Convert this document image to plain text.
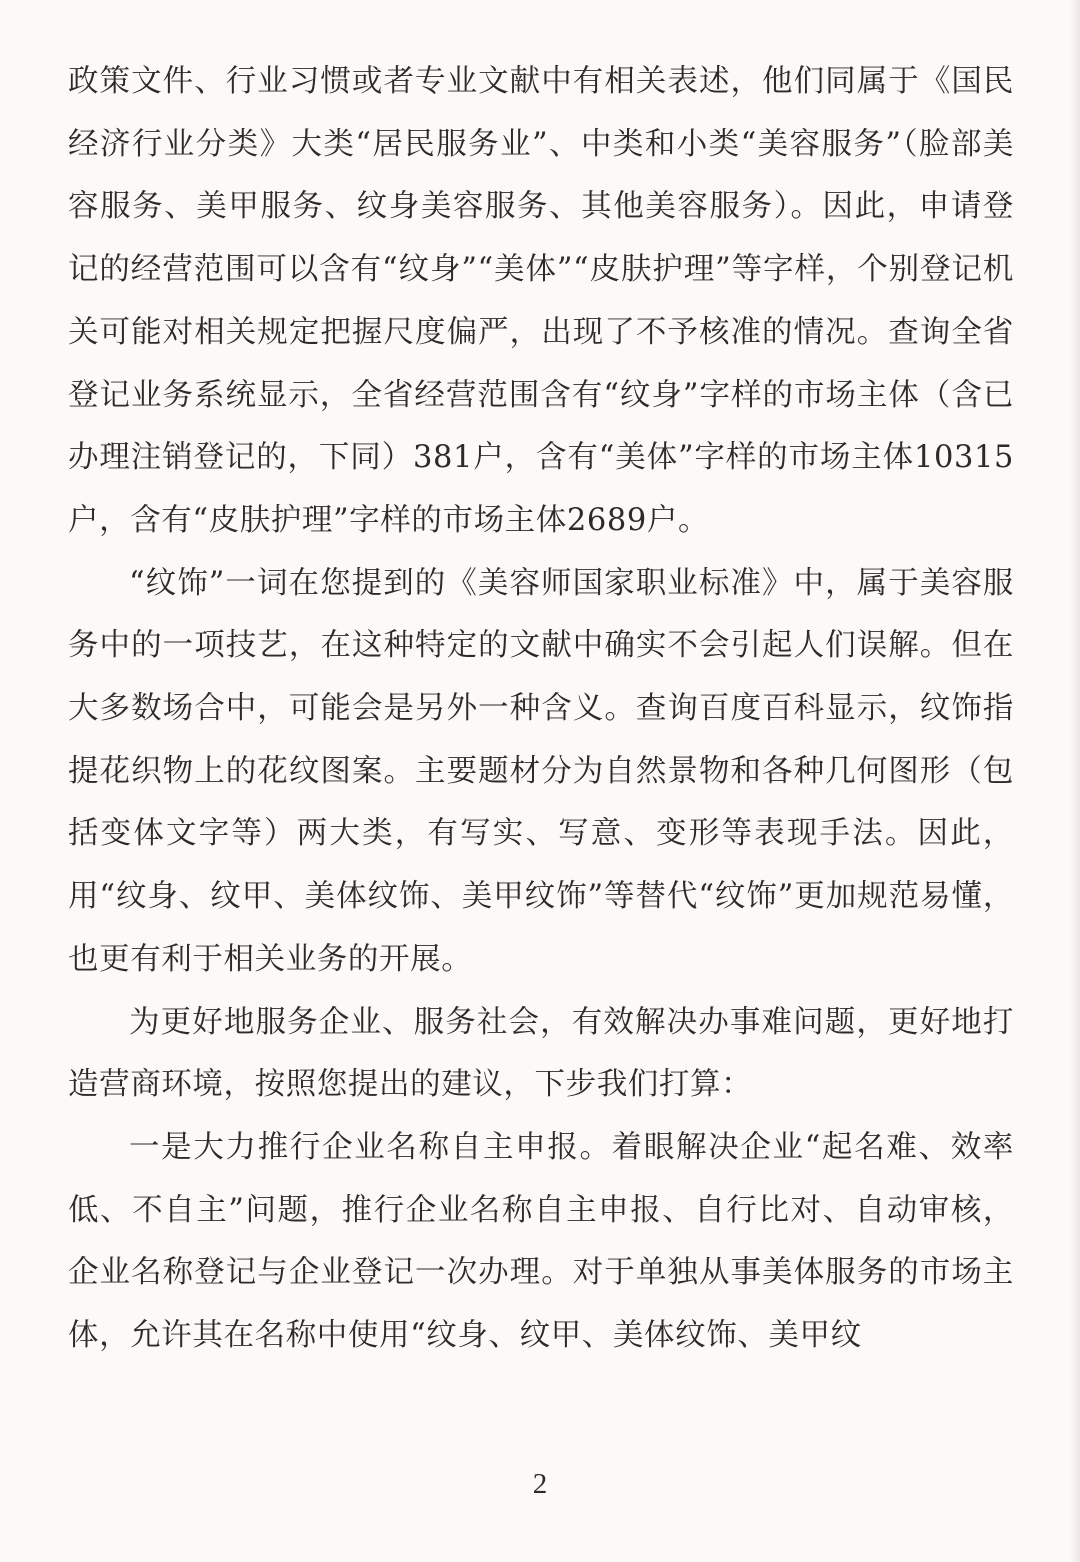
政策文件、行业习惯或者专业文献中有相关表述，他们同属于《国民经济行业分类》大类“居民服务业”、中类和小类“美容服务”（脸部美容服务、美甲服务、纹身美容服务、其他美容服务）。因此，申请登记的经营范围可以含有“纹身”“美体”“皮肤护理”等字样，个别登记机关可能对相关规定把握尺度偏严，出现了不予核准的情况。查询全省登记业务系统显示，全省经营范围含有“纹身”字样的市场主体（含已办理注销登记的，下同）381户，含有“美体”字样的市场主体10315户，含有“皮肤护理”字样的市场主体2689户。

“纹饰”一词在您提到的《美容师国家职业标准》中，属于美容服务中的一项技艺，在这种特定的文献中确实不会引起人们误解。但在大多数场合中，可能会是另外一种含义。查询百度百科显示，纹饰指提花织物上的花纹图案。主要题材分为自然景物和各种几何图形（包括变体文字等）两大类，有写实、写意、变形等表现手法。因此，用“纹身、纹甲、美体纹饰、美甲纹饰”等替代“纹饰”更加规范易懂，也更有利于相关业务的开展。

为更好地服务企业、服务社会，有效解决办事难问题，更好地打造营商环境，按照您提出的建议，下步我们打算：

一是大力推行企业名称自主申报。着眼解决企业“起名难、效率低、不自主”问题，推行企业名称自主申报、自行比对、自动审核，企业名称登记与企业登记一次办理。对于单独从事美体服务的市场主体，允许其在名称中使用“纹身、纹甲、美体纹饰、美甲纹

2
